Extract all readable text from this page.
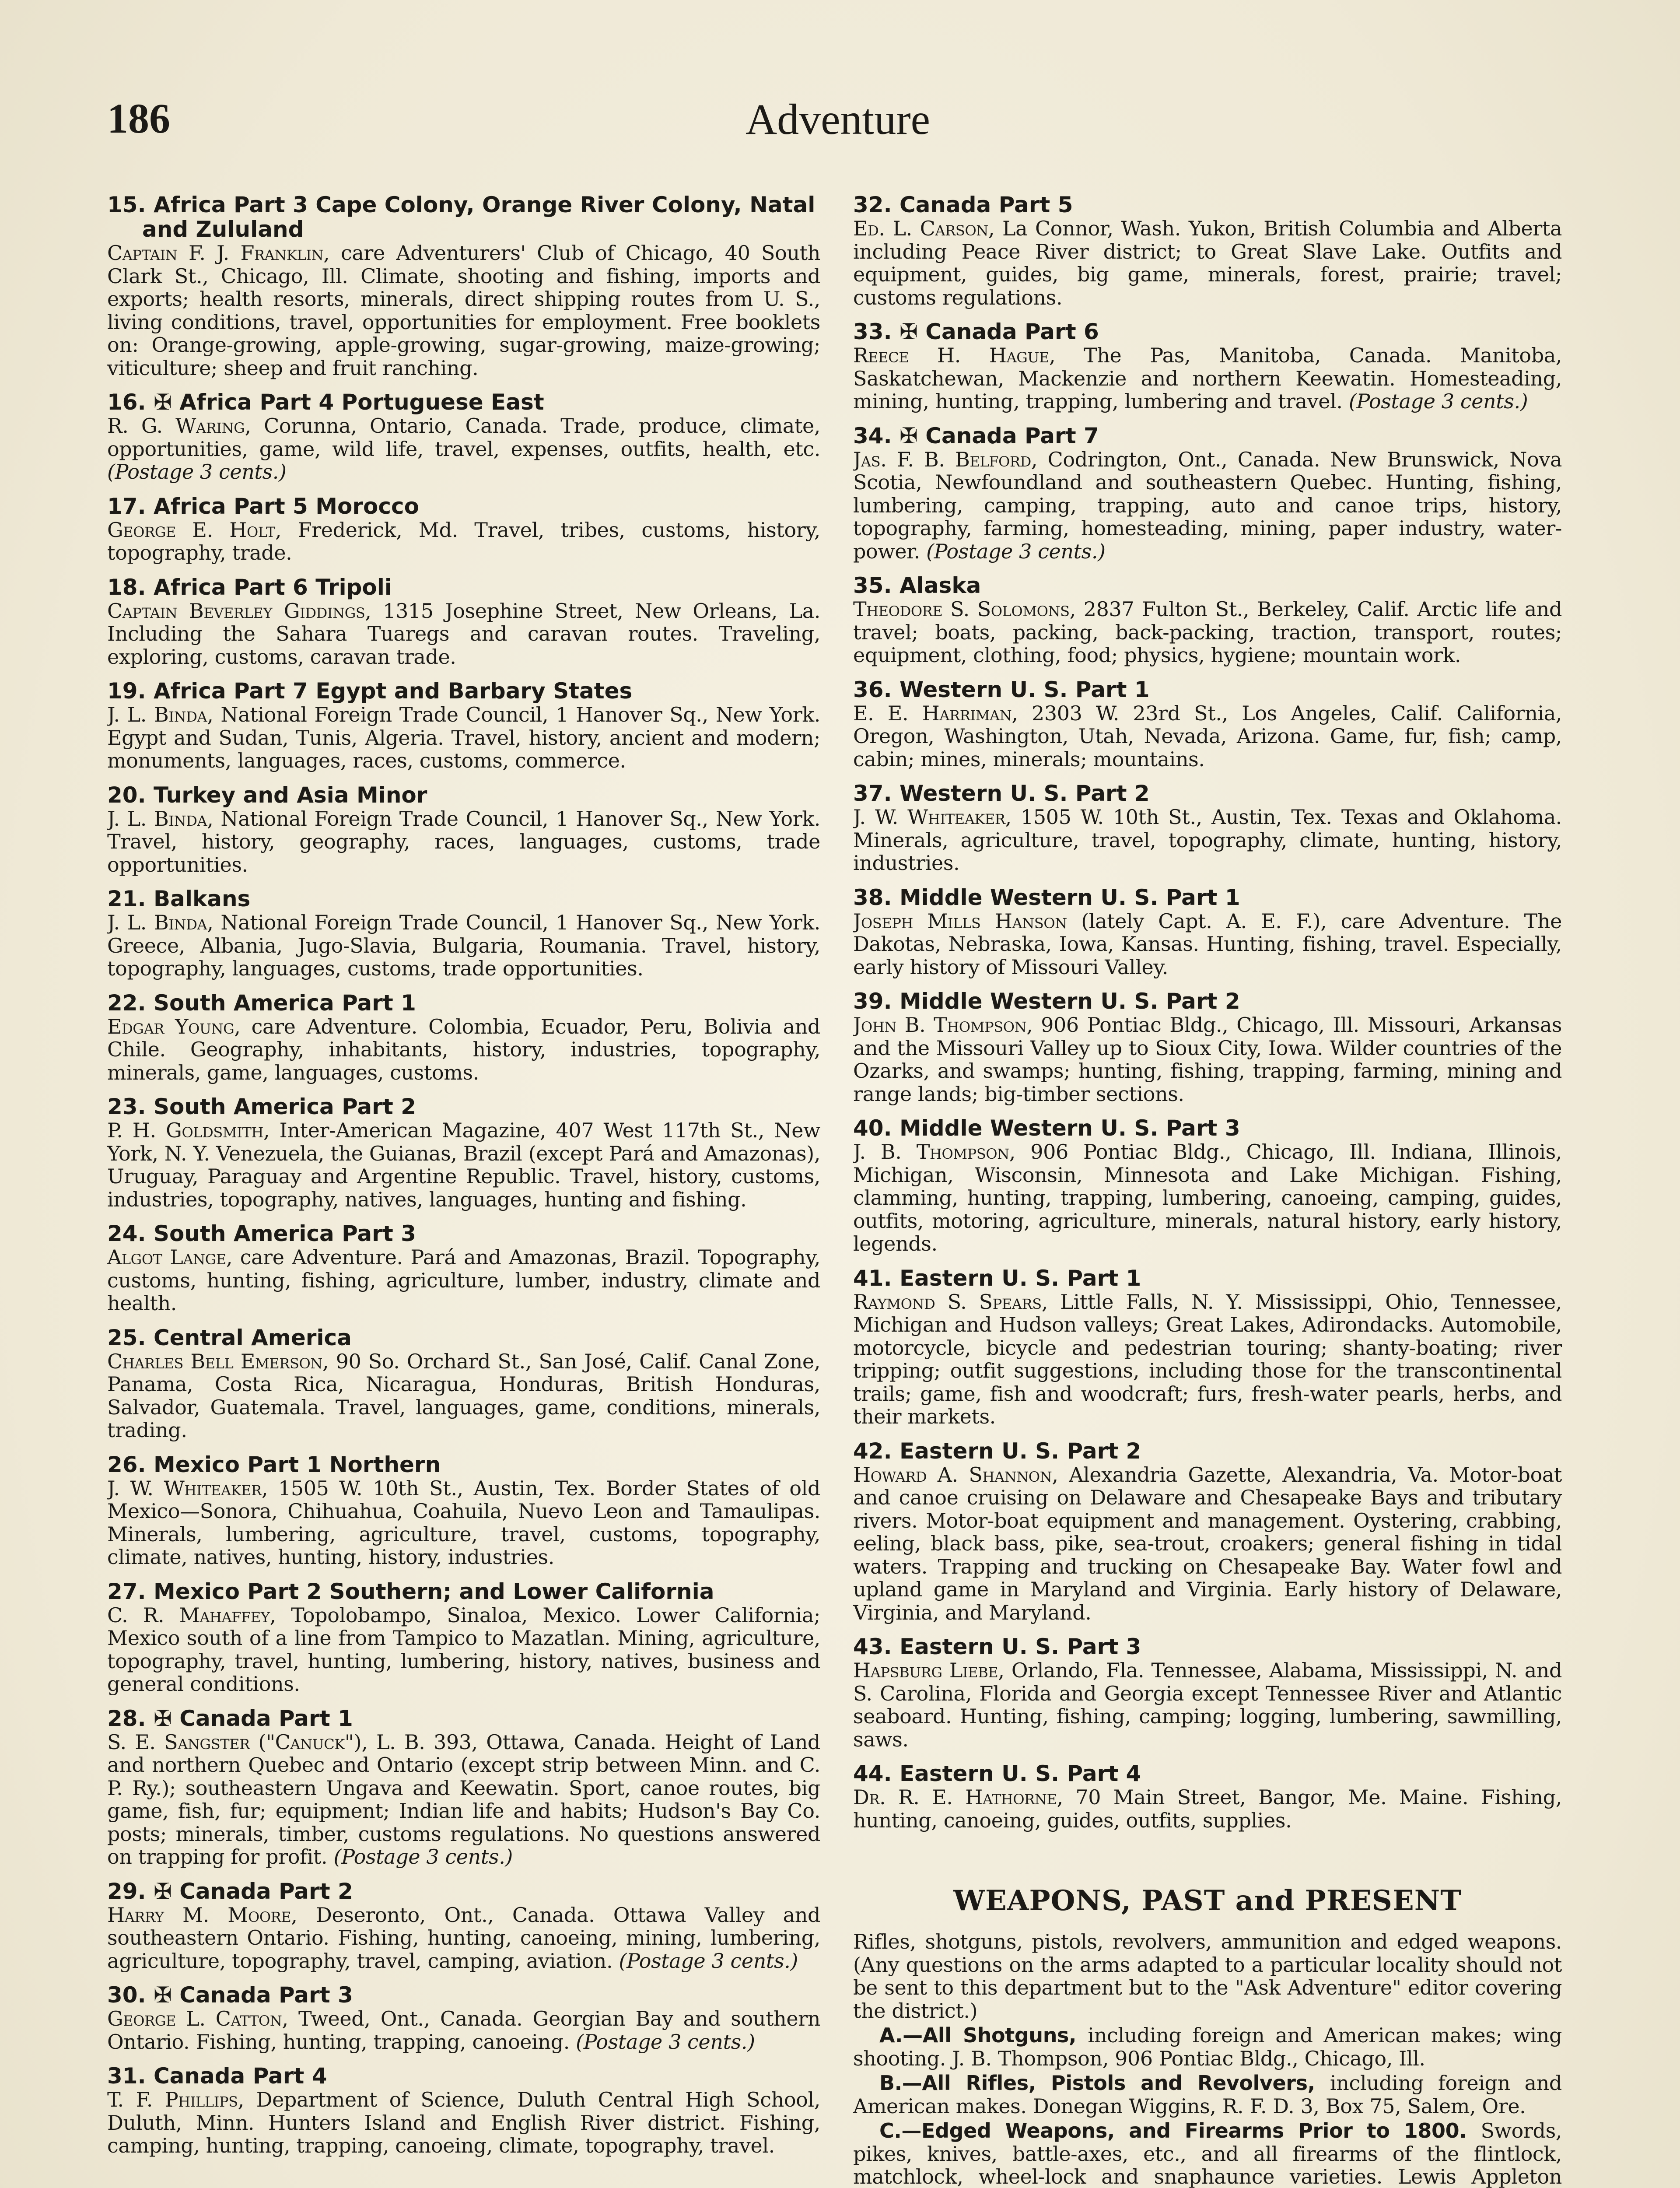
186	Adventure
15. Africa Part 3 Cape Colony, Orange River Colony, Natal and Zululand
Captain F. J. Franklin, care Adventurers' Club of Chicago, 40 South Clark St., Chicago, Ill. Climate, shooting and fishing, imports and exports; health resorts, minerals, direct shipping routes from U. S., living conditions, travel, opportunities for employment. Free booklets on: Orange-growing, apple-growing, sugar-growing, maize-growing; viticulture; sheep and fruit ranching.
16. ✠ Africa Part 4 Portuguese East
R. G. Waring, Corunna, Ontario, Canada. Trade, produce, climate, opportunities, game, wild life, travel, expenses, outfits, health, etc. (Postage 3 cents.)
17. Africa Part 5 Morocco
George E. Holt, Frederick, Md. Travel, tribes, customs, history, topography, trade.
18. Africa Part 6 Tripoli
Captain Beverley Giddings, 1315 Josephine Street, New Orleans, La. Including the Sahara Tuaregs and caravan routes. Traveling, exploring, customs, caravan trade.
19. Africa Part 7 Egypt and Barbary States
J. L. Binda, National Foreign Trade Council, 1 Hanover Sq., New York. Egypt and Sudan, Tunis, Algeria. Travel, history, ancient and modern; monuments, languages, races, customs, commerce.
20. Turkey and Asia Minor
J. L. Binda, National Foreign Trade Council, 1 Hanover Sq., New York. Travel, history, geography, races, languages, customs, trade opportunities.
21. Balkans
J. L. Binda, National Foreign Trade Council, 1 Hanover Sq., New York. Greece, Albania, Jugo-Slavia, Bulgaria, Roumania. Travel, history, topography, languages, customs, trade opportunities.
22. South America Part 1
Edgar Young, care Adventure. Colombia, Ecuador, Peru, Bolivia and Chile. Geography, inhabitants, history, industries, topography, minerals, game, languages, customs.
23. South America Part 2
P. H. Goldsmith, Inter-American Magazine, 407 West 117th St., New York, N. Y. Venezuela, the Guianas, Brazil (except Pará and Amazonas), Uruguay, Paraguay and Argentine Republic. Travel, history, customs, industries, topography, natives, languages, hunting and fishing.
24. South America Part 3
Algot Lange, care Adventure. Pará and Amazonas, Brazil. Topography, customs, hunting, fishing, agriculture, lumber, industry, climate and health.
25. Central America
Charles Bell Emerson, 90 So. Orchard St., San José, Calif. Canal Zone, Panama, Costa Rica, Nicaragua, Honduras, British Honduras, Salvador, Guatemala. Travel, languages, game, conditions, minerals, trading.
26. Mexico Part 1 Northern
J. W. Whiteaker, 1505 W. 10th St., Austin, Tex. Border States of old Mexico—Sonora, Chihuahua, Coahuila, Nuevo Leon and Tamaulipas. Minerals, lumbering, agriculture, travel, customs, topography, climate, natives, hunting, history, industries.
27. Mexico Part 2 Southern; and Lower California
C. R. Mahaffey, Topolobampo, Sinaloa, Mexico. Lower California; Mexico south of a line from Tampico to Mazatlan. Mining, agriculture, topography, travel, hunting, lumbering, history, natives, business and general conditions.
28. ✠ Canada Part 1
S. E. Sangster ("Canuck"), L. B. 393, Ottawa, Canada. Height of Land and northern Quebec and Ontario (except strip between Minn. and C. P. Ry.); southeastern Ungava and Keewatin. Sport, canoe routes, big game, fish, fur; equipment; Indian life and habits; Hudson's Bay Co. posts; minerals, timber, customs regulations. No questions answered on trapping for profit. (Postage 3 cents.)
29. ✠ Canada Part 2
Harry M. Moore, Deseronto, Ont., Canada. Ottawa Valley and southeastern Ontario. Fishing, hunting, canoeing, mining, lumbering, agriculture, topography, travel, camping, aviation. (Postage 3 cents.)
30. ✠ Canada Part 3
George L. Catton, Tweed, Ont., Canada. Georgian Bay and southern Ontario. Fishing, hunting, trapping, canoeing. (Postage 3 cents.)
31. Canada Part 4
T. F. Phillips, Department of Science, Duluth Central High School, Duluth, Minn. Hunters Island and English River district. Fishing, camping, hunting, trapping, canoeing, climate, topography, travel.
32. Canada Part 5
Ed. L. Carson, La Connor, Wash. Yukon, British Columbia and Alberta including Peace River district; to Great Slave Lake. Outfits and equipment, guides, big game, minerals, forest, prairie; travel; customs regulations.
33. ✠ Canada Part 6
Reece H. Hague, The Pas, Manitoba, Canada. Manitoba, Saskatchewan, Mackenzie and northern Keewatin. Homesteading, mining, hunting, trapping, lumbering and travel. (Postage 3 cents.)
34. ✠ Canada Part 7
Jas. F. B. Belford, Codrington, Ont., Canada. New Brunswick, Nova Scotia, Newfoundland and southeastern Quebec. Hunting, fishing, lumbering, camping, trapping, auto and canoe trips, history, topography, farming, homesteading, mining, paper industry, water-power. (Postage 3 cents.)
35. Alaska
Theodore S. Solomons, 2837 Fulton St., Berkeley, Calif. Arctic life and travel; boats, packing, back-packing, traction, transport, routes; equipment, clothing, food; physics, hygiene; mountain work.
36. Western U. S. Part 1
E. E. Harriman, 2303 W. 23rd St., Los Angeles, Calif. California, Oregon, Washington, Utah, Nevada, Arizona. Game, fur, fish; camp, cabin; mines, minerals; mountains.
37. Western U. S. Part 2
J. W. Whiteaker, 1505 W. 10th St., Austin, Tex. Texas and Oklahoma. Minerals, agriculture, travel, topography, climate, hunting, history, industries.
38. Middle Western U. S. Part 1
Joseph Mills Hanson (lately Capt. A. E. F.), care Adventure. The Dakotas, Nebraska, Iowa, Kansas. Hunting, fishing, travel. Especially, early history of Missouri Valley.
39. Middle Western U. S. Part 2
John B. Thompson, 906 Pontiac Bldg., Chicago, Ill. Missouri, Arkansas and the Missouri Valley up to Sioux City, Iowa. Wilder countries of the Ozarks, and swamps; hunting, fishing, trapping, farming, mining and range lands; big-timber sections.
40. Middle Western U. S. Part 3
J. B. Thompson, 906 Pontiac Bldg., Chicago, Ill. Indiana, Illinois, Michigan, Wisconsin, Minnesota and Lake Michigan. Fishing, clamming, hunting, trapping, lumbering, canoeing, camping, guides, outfits, motoring, agriculture, minerals, natural history, early history, legends.
41. Eastern U. S. Part 1
Raymond S. Spears, Little Falls, N. Y. Mississippi, Ohio, Tennessee, Michigan and Hudson valleys; Great Lakes, Adirondacks. Automobile, motorcycle, bicycle and pedestrian touring; shanty-boating; river tripping; outfit suggestions, including those for the transcontinental trails; game, fish and woodcraft; furs, fresh-water pearls, herbs, and their markets.
42. Eastern U. S. Part 2
Howard A. Shannon, Alexandria Gazette, Alexandria, Va. Motor-boat and canoe cruising on Delaware and Chesapeake Bays and tributary rivers. Motor-boat equipment and management. Oystering, crabbing, eeling, black bass, pike, sea-trout, croakers; general fishing in tidal waters. Trapping and trucking on Chesapeake Bay. Water fowl and upland game in Maryland and Virginia. Early history of Delaware, Virginia, and Maryland.
43. Eastern U. S. Part 3
Hapsburg Liebe, Orlando, Fla. Tennessee, Alabama, Mississippi, N. and S. Carolina, Florida and Georgia except Tennessee River and Atlantic seaboard. Hunting, fishing, camping; logging, lumbering, sawmilling, saws.
44. Eastern U. S. Part 4
Dr. R. E. Hathorne, 70 Main Street, Bangor, Me. Maine. Fishing, hunting, canoeing, guides, outfits, supplies.
WEAPONS, PAST and PRESENT
Rifles, shotguns, pistols, revolvers, ammunition and edged weapons. (Any questions on the arms adapted to a particular locality should not be sent to this department but to the "Ask Adventure" editor covering the district.)
A.—All Shotguns, including foreign and American makes; wing shooting. J. B. Thompson, 906 Pontiac Bldg., Chicago, Ill.
B.—All Rifles, Pistols and Revolvers, including foreign and American makes. Donegan Wiggins, R. F. D. 3, Box 75, Salem, Ore.
C.—Edged Weapons, and Firearms Prior to 1800. Swords, pikes, knives, battle-axes, etc., and all firearms of the flintlock, matchlock, wheel-lock and snaphaunce varieties. Lewis Appleton
